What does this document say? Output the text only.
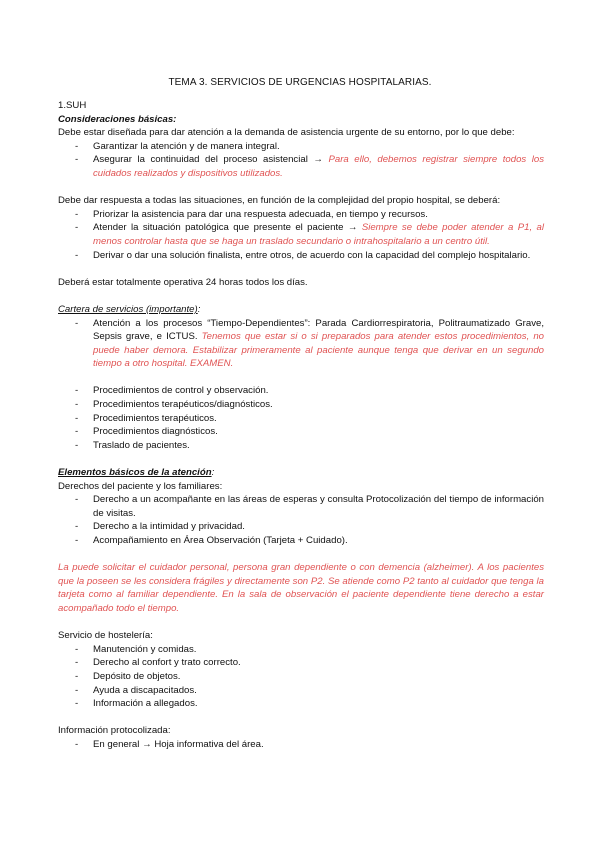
TEMA 3. SERVICIOS DE URGENCIAS HOSPITALARIAS.

1.SUH

Consideraciones básicas:

Debe estar diseñada para dar atención a la demanda de asistencia urgente de su entorno, por lo que debe:

- Garantizar la atención y de manera integral.
- Asegurar la continuidad del proceso asistencial → Para ello, debemos registrar siempre todos los cuidados realizados y dispositivos utilizados.

Debe dar respuesta a todas las situaciones, en función de la complejidad del propio hospital, se deberá:

- Priorizar la asistencia para dar una respuesta adecuada, en tiempo y recursos.
- Atender la situación patológica que presente el paciente → Siempre se debe poder atender a P1, al menos controlar hasta que se haga un traslado secundario o intrahospitalario a un centro útil.
- Derivar o dar una solución finalista, entre otros, de acuerdo con la capacidad del complejo hospitalario.

Deberá estar totalmente operativa 24 horas todos los días.

Cartera de servicios (importante):

- Atención a los procesos “Tiempo-Dependientes”: Parada Cardiorrespiratoria, Politraumatizado Grave, Sepsis grave, e ICTUS. Tenemos que estar si o si preparados para atender estos procedimientos, no puede haber demora. Estabilizar primeramente al paciente aunque tenga que derivar en un segundo tiempo a otro hospital. EXAMEN.
- Procedimientos de control y observación.
- Procedimientos terapéuticos/diagnósticos.
- Procedimientos terapéuticos.
- Procedimientos diagnósticos.
- Traslado de pacientes.

Elementos básicos de la atención:

Derechos del paciente y los familiares:

- Derecho a un acompañante en las áreas de esperas y consulta Protocolización del tiempo de información de visitas.
- Derecho a la intimidad y privacidad.
- Acompañamiento en Área Observación (Tarjeta + Cuidado).

La puede solicitar el cuidador personal, persona gran dependiente o con demencia (alzheimer). A los pacientes que la poseen se les considera frágiles y directamente son P2. Se atiende como P2 tanto al cuidador que tenga la tarjeta como al familiar dependiente. En la sala de observación el paciente dependiente tiene derecho a estar acompañado todo el tiempo.

Servicio de hostelería:

- Manutención y comidas.
- Derecho al confort y trato correcto.
- Depósito de objetos.
- Ayuda a discapacitados.
- Información a allegados.

Información protocolizada:

- En general → Hoja informativa del área.
